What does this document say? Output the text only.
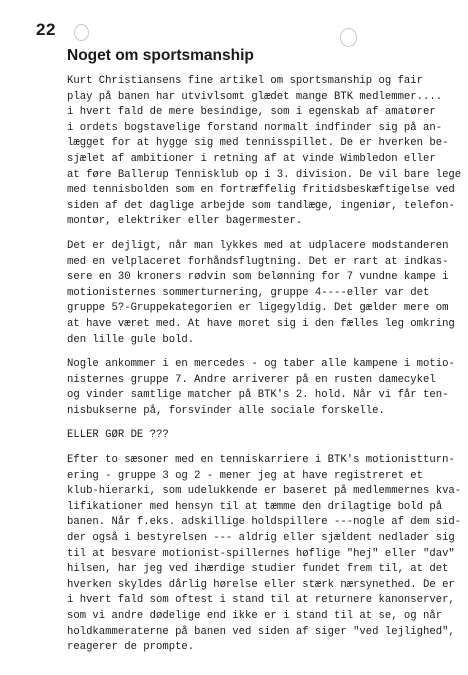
22
Noget om sportsmanship
Kurt Christiansens fine artikel om sportsmanship og fair
play på banen har utvivlsomt glædet mange BTK medlemmer....
i hvert fald de mere besindige, som i egenskab af amatører
i ordets bogstavelige forstand normalt indfinder sig på an-
lægget for at hygge sig med tennisspillet. De er hverken be-
sjælet af ambitioner i retning af at vinde Wimbledon eller
at føre Ballerup Tennisklub op i 3. division. De vil bare lege
med tennisbolden som en fortræffelig fritidsbeskæftigelse ved
siden af det daglige arbejde som tandlæge, ingeniør, telefon-
montør, elektriker eller bagermester.
Det er dejligt, når man lykkes med at udplacere modstanderen
med en velplaceret forhåndsflugtning. Det er rart at indkas-
sere en 30 kroners rødvin som belønning for 7 vundne kampe i
motionisternes sommerturnering, gruppe 4----eller var det
gruppe 5?-Gruppekategorien er ligegyldig. Det gælder mere om
at have været med. At have moret sig i den fælles leg omkring
den lille gule bold.
Nogle ankommer i en mercedes - og taber alle kampene i motio-
nisternes gruppe 7. Andre arriverer på en rusten damecykel
og vinder samtlige matcher på BTK's 2. hold. Når vi får ten-
nisbukserne på, forsvinder alle sociale forskelle.
ELLER GØR DE ???
Efter to sæsoner med en tenniskarriere i BTK's motionistturn-
ering - gruppe 3 og 2 - mener jeg at have registreret et
klub-hierarki, som udelukkende er baseret på medlemmernes kva-
lifikationer med hensyn til at tæmme den drilagtige bold på
banen. Når f.eks. adskillige holdspillere ---nogle af dem sid-
der også i bestyrelsen --- aldrig eller sjældent nedlader sig
til at besvare motionist-spillernes høflige "hej" eller "dav"
hilsen, har jeg ved ihærdige studier fundet frem til, at det
hverken skyldes dårlig hørelse eller stærk nærsynethed. De er
i hvert fald som oftest i stand til at returnere kanonserver,
som vi andre dødelige end ikke er i stand til at se, og når
holdkammeraterne på banen ved siden af siger "ved lejlighed",
reagerer de prompte.
